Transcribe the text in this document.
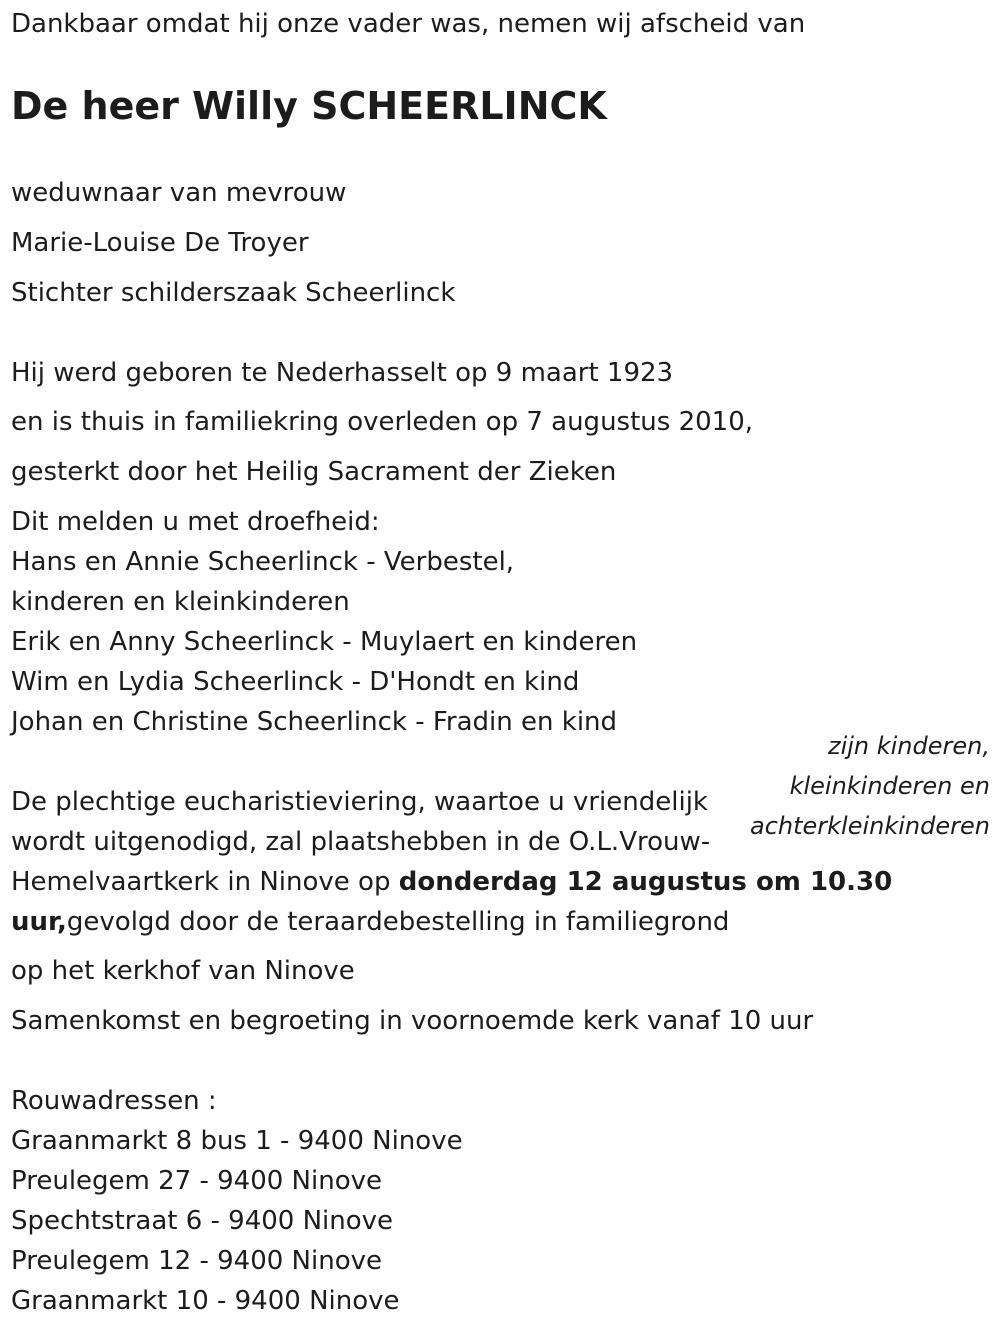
Dankbaar omdat hij onze vader was, nemen wij afscheid van
De heer Willy SCHEERLINCK
weduwnaar van mevrouw
Marie-Louise De Troyer
Stichter schilderszaak Scheerlinck
Hij werd geboren te Nederhasselt op 9 maart 1923
en is thuis in familiekring overleden op 7 augustus 2010,
gesterkt door het Heilig Sacrament der Zieken
Dit melden u met droefheid:
Hans en Annie Scheerlinck - Verbestel,
kinderen en kleinkinderen
Erik en Anny Scheerlinck - Muylaert en kinderen
Wim en Lydia Scheerlinck - D'Hondt en kind
Johan en Christine Scheerlinck - Fradin en kind
zijn kinderen,
kleinkinderen en
achterkleinkinderen
De plechtige eucharistieviering, waartoe u vriendelijk
wordt uitgenodigd, zal plaatshebben in de O.L.Vrouw-
Hemelvaartkerk in Ninove op donderdag 12 augustus om 10.30
uur,gevolgd door de teraardebestelling in familiegrond
op het kerkhof van Ninove
Samenkomst en begroeting in voornoemde kerk vanaf 10 uur
Rouwadressen :
Graanmarkt 8 bus 1 - 9400 Ninove
Preulegem 27 - 9400 Ninove
Spechtstraat 6 - 9400 Ninove
Preulegem 12 - 9400 Ninove
Graanmarkt 10 - 9400 Ninove
